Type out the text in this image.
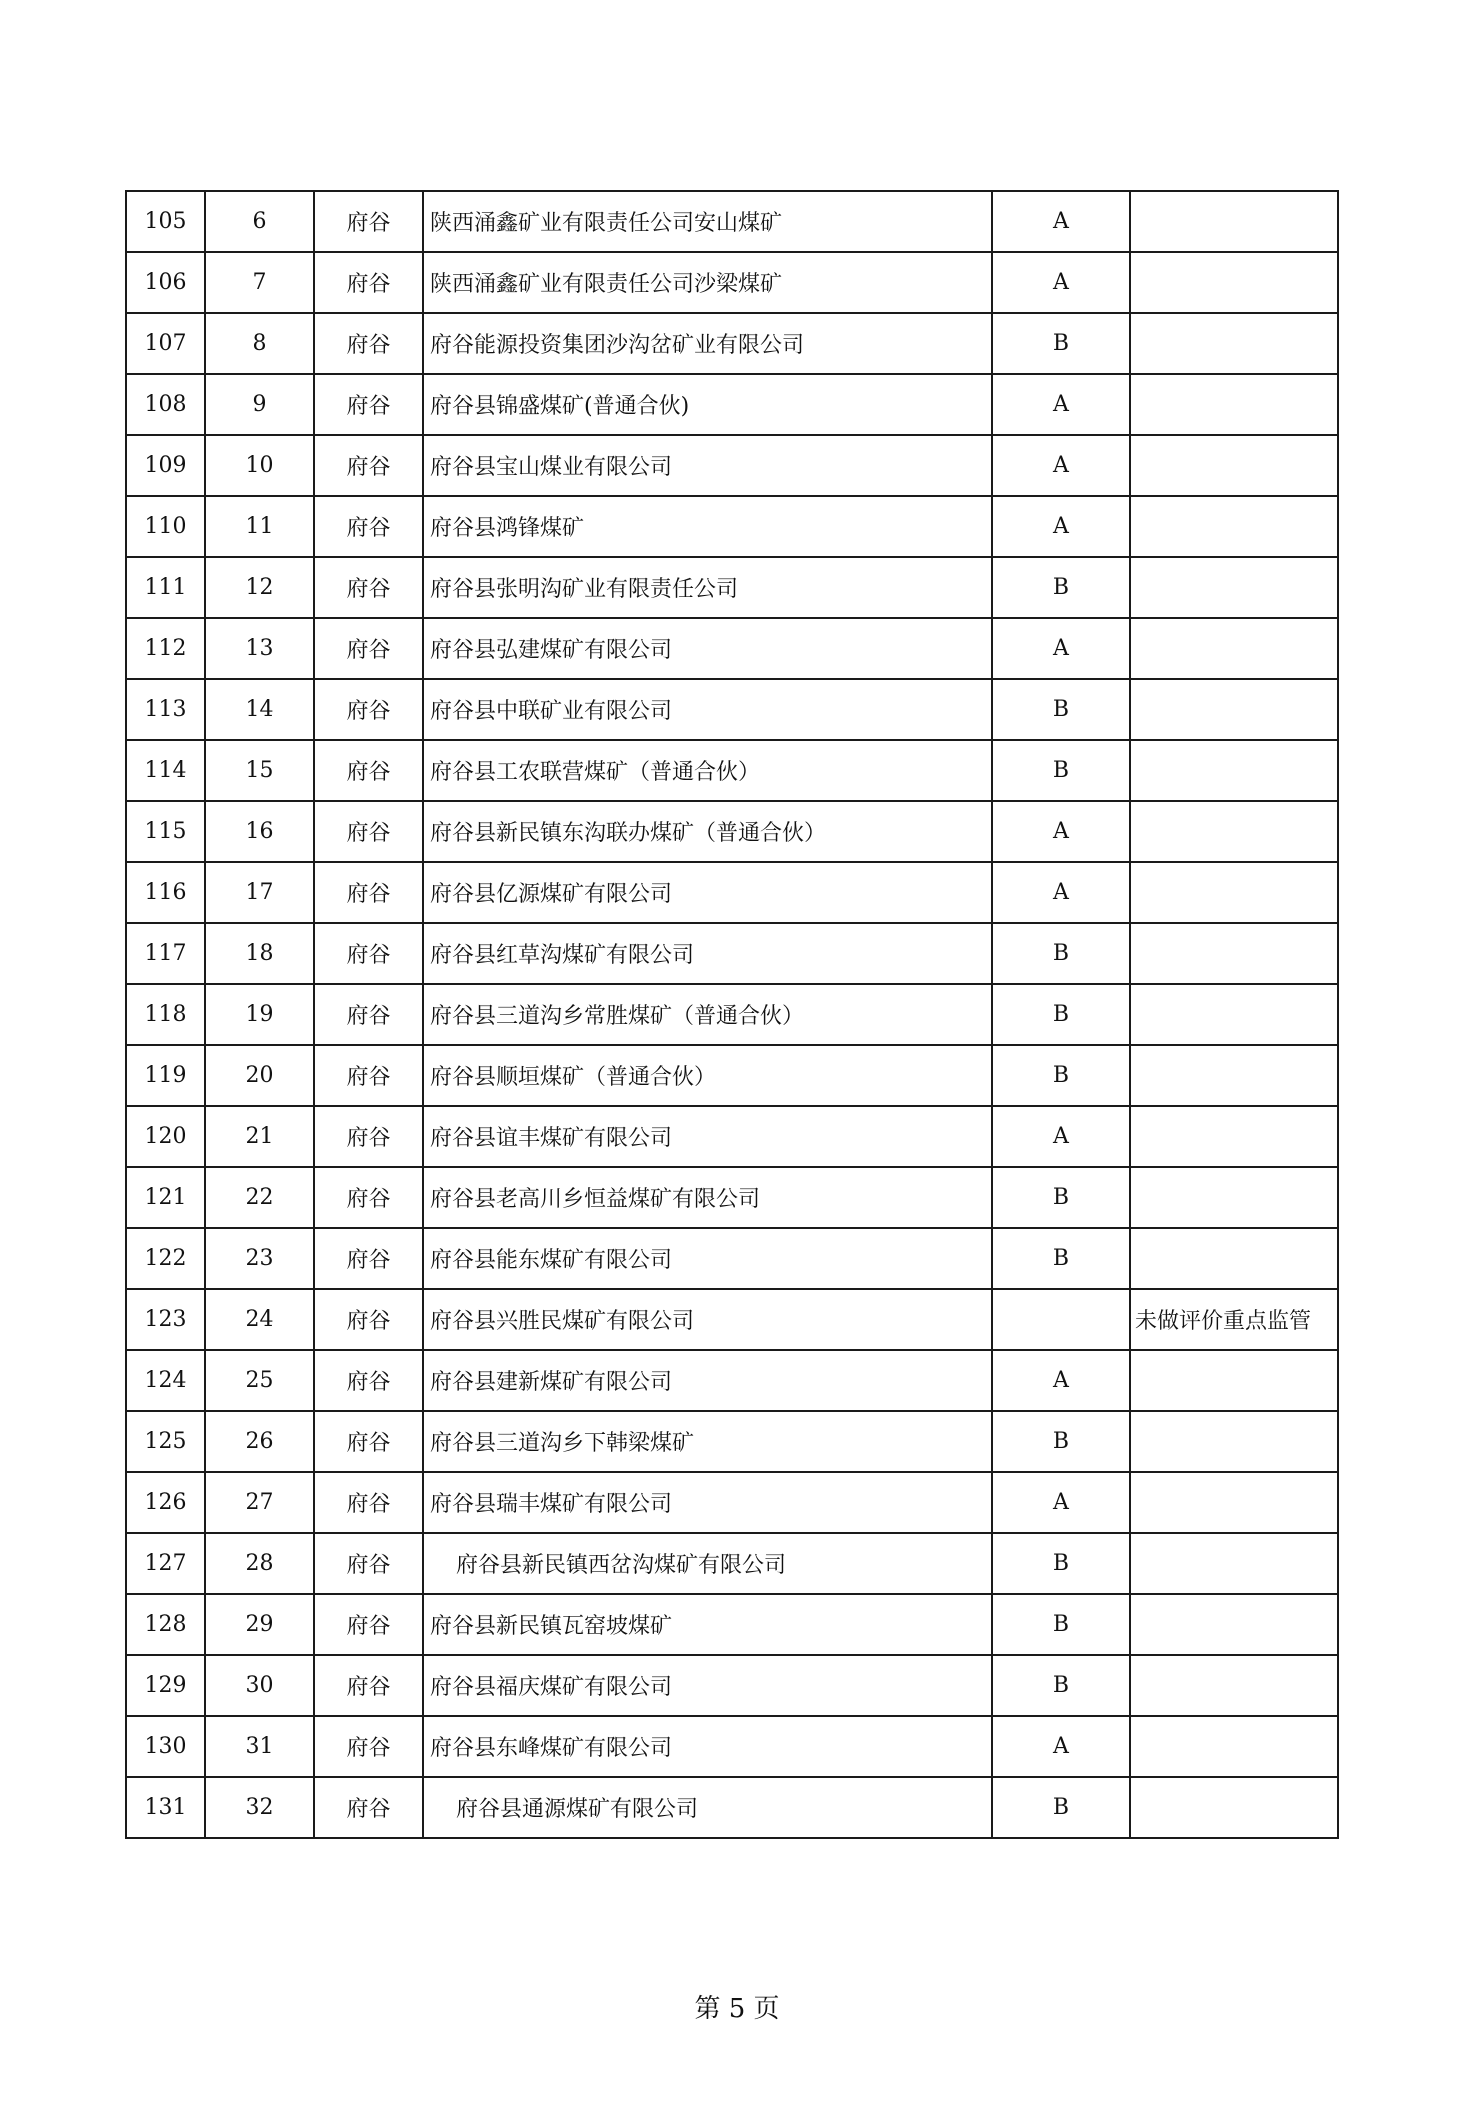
105	6	府谷	陕西涌鑫矿业有限责任公司安山煤矿	A	
106	7	府谷	陕西涌鑫矿业有限责任公司沙梁煤矿	A	
107	8	府谷	府谷能源投资集团沙沟岔矿业有限公司	B	
108	9	府谷	府谷县锦盛煤矿(普通合伙)	A	
109	10	府谷	府谷县宝山煤业有限公司	A	
110	11	府谷	府谷县鸿锋煤矿	A	
111	12	府谷	府谷县张明沟矿业有限责任公司	B	
112	13	府谷	府谷县弘建煤矿有限公司	A	
113	14	府谷	府谷县中联矿业有限公司	B	
114	15	府谷	府谷县工农联营煤矿（普通合伙）	B	
115	16	府谷	府谷县新民镇东沟联办煤矿（普通合伙）	A	
116	17	府谷	府谷县亿源煤矿有限公司	A	
117	18	府谷	府谷县红草沟煤矿有限公司	B	
118	19	府谷	府谷县三道沟乡常胜煤矿（普通合伙）	B	
119	20	府谷	府谷县顺垣煤矿（普通合伙）	B	
120	21	府谷	府谷县谊丰煤矿有限公司	A	
121	22	府谷	府谷县老高川乡恒益煤矿有限公司	B	
122	23	府谷	府谷县能东煤矿有限公司	B	
123	24	府谷	府谷县兴胜民煤矿有限公司		未做评价重点监管
124	25	府谷	府谷县建新煤矿有限公司	A	
125	26	府谷	府谷县三道沟乡下韩梁煤矿	B	
126	27	府谷	府谷县瑞丰煤矿有限公司	A	
127	28	府谷	府谷县新民镇西岔沟煤矿有限公司	B	
128	29	府谷	府谷县新民镇瓦窑坡煤矿	B	
129	30	府谷	府谷县福庆煤矿有限公司	B	
130	31	府谷	府谷县东峰煤矿有限公司	A	
131	32	府谷	府谷县通源煤矿有限公司	B	
第 5 页
